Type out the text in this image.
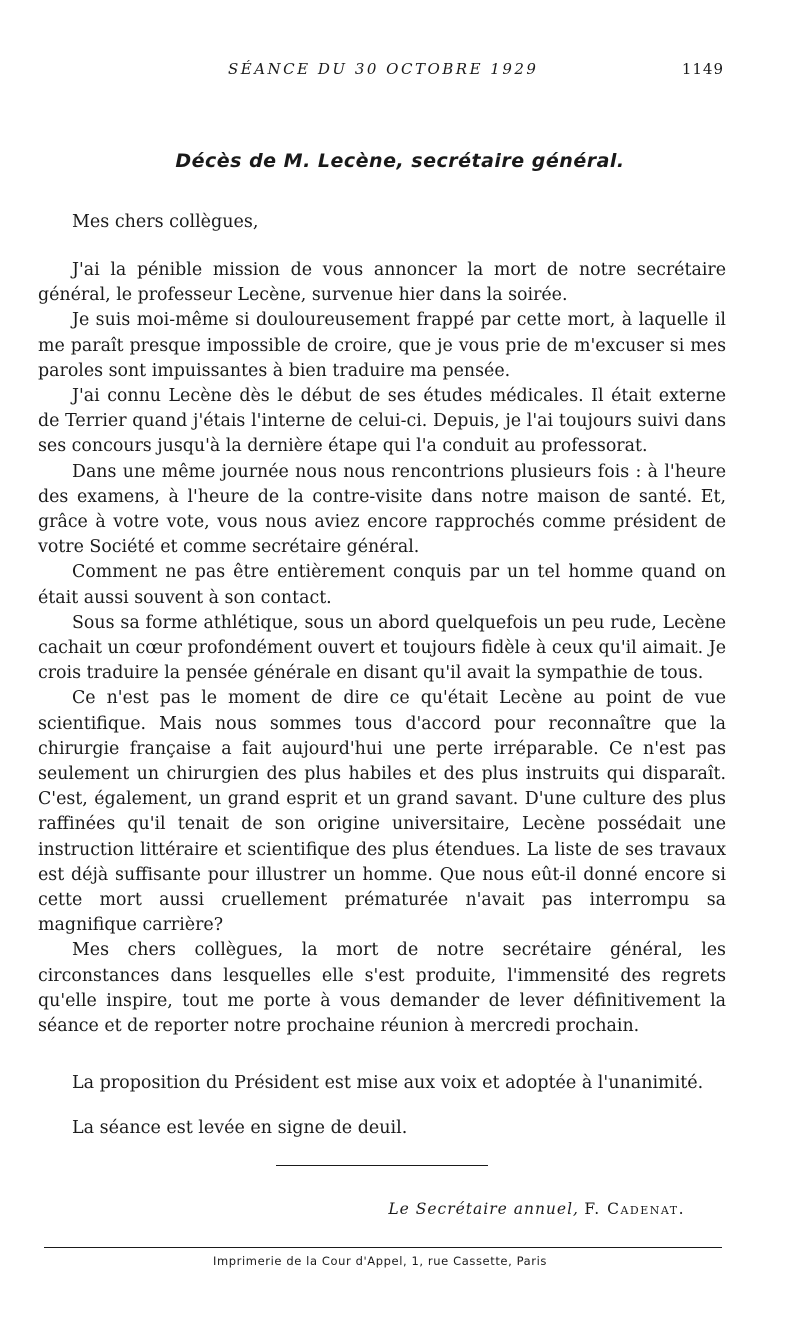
SÉANCE DU 30 OCTOBRE 1929	1149
Décès de M. Lecène, secrétaire général.
Mes chers collègues,

J'ai la pénible mission de vous annoncer la mort de notre secrétaire général, le professeur Lecène, survenue hier dans la soirée.

Je suis moi-même si douloureusement frappé par cette mort, à laquelle il me paraît presque impossible de croire, que je vous prie de m'excuser si mes paroles sont impuissantes à bien traduire ma pensée.

J'ai connu Lecène dès le début de ses études médicales. Il était externe de Terrier quand j'étais l'interne de celui-ci. Depuis, je l'ai toujours suivi dans ses concours jusqu'à la dernière étape qui l'a conduit au professorat.

Dans une même journée nous nous rencontrions plusieurs fois : à l'heure des examens, à l'heure de la contre-visite dans notre maison de santé. Et, grâce à votre vote, vous nous aviez encore rapprochés comme président de votre Société et comme secrétaire général.

Comment ne pas être entièrement conquis par un tel homme quand on était aussi souvent à son contact.

Sous sa forme athlétique, sous un abord quelquefois un peu rude, Lecène cachait un cœur profondément ouvert et toujours fidèle à ceux qu'il aimait. Je crois traduire la pensée générale en disant qu'il avait la sympathie de tous.

Ce n'est pas le moment de dire ce qu'était Lecène au point de vue scientifique. Mais nous sommes tous d'accord pour reconnaître que la chirurgie française a fait aujourd'hui une perte irréparable. Ce n'est pas seulement un chirurgien des plus habiles et des plus instruits qui disparaît. C'est, également, un grand esprit et un grand savant. D'une culture des plus raffinées qu'il tenait de son origine universitaire, Lecène possédait une instruction littéraire et scientifique des plus étendues. La liste de ses travaux est déjà suffisante pour illustrer un homme. Que nous eût-il donné encore si cette mort aussi cruellement prématurée n'avait pas interrompu sa magnifique carrière?

Mes chers collègues, la mort de notre secrétaire général, les circonstances dans lesquelles elle s'est produite, l'immensité des regrets qu'elle inspire, tout me porte à vous demander de lever définitivement la séance et de reporter notre prochaine réunion à mercredi prochain.

La proposition du Président est mise aux voix et adoptée à l'unanimité.
La séance est levée en signe de deuil.
Le Secrétaire annuel, F. Cadenat.
Imprimerie de la Cour d'Appel, 1, rue Cassette, Paris
